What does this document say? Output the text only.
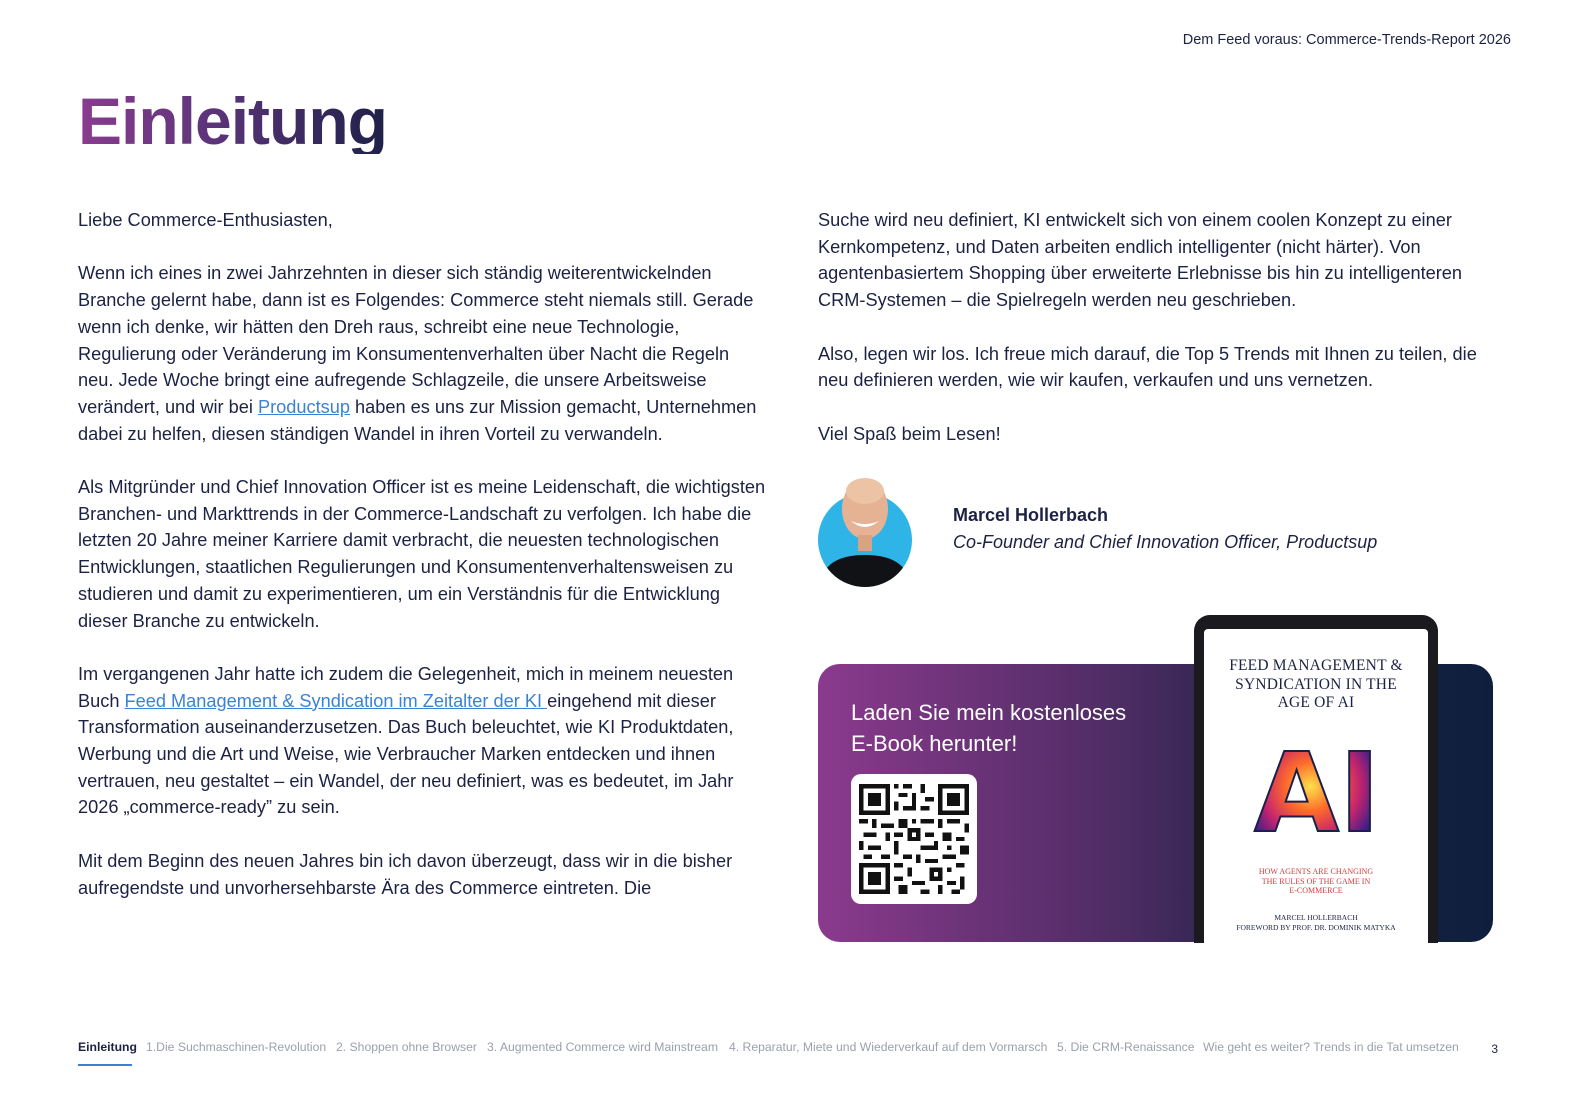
Dem Feed voraus: Commerce-Trends-Report 2026
Einleitung

Liebe Commerce-Enthusiasten,

Wenn ich eines in zwei Jahrzehnten in dieser sich ständig weiterentwickelnden Branche gelernt habe, dann ist es Folgendes: Commerce steht niemals still. Gerade wenn ich denke, wir hätten den Dreh raus, schreibt eine neue Technologie, Regulierung oder Veränderung im Konsumentenverhalten über Nacht die Regeln neu. Jede Woche bringt eine aufregende Schlagzeile, die unsere Arbeitsweise verändert, und wir bei Productsup haben es uns zur Mission gemacht, Unternehmen dabei zu helfen, diesen ständigen Wandel in ihren Vorteil zu verwandeln.

Als Mitgründer und Chief Innovation Officer ist es meine Leidenschaft, die wichtigsten Branchen- und Markttrends in der Commerce-Landschaft zu verfolgen. Ich habe die letzten 20 Jahre meiner Karriere damit verbracht, die neuesten technologischen Entwicklungen, staatlichen Regulierungen und Konsumentenverhaltensweisen zu studieren und damit zu experimentieren, um ein Verständnis für die Entwicklung dieser Branche zu entwickeln.

Im vergangenen Jahr hatte ich zudem die Gelegenheit, mich in meinem neuesten Buch Feed Management & Syndication im Zeitalter der KI eingehend mit dieser Transformation auseinanderzusetzen. Das Buch beleuchtet, wie KI Produktdaten, Werbung und die Art und Weise, wie Verbraucher Marken entdecken und ihnen vertrauen, neu gestaltet – ein Wandel, der neu definiert, was es bedeutet, im Jahr 2026 „commerce-ready” zu sein.

Mit dem Beginn des neuen Jahres bin ich davon überzeugt, dass wir in die bisher aufregendste und unvorhersehbarste Ära des Commerce eintreten. Die

Suche wird neu definiert, KI entwickelt sich von einem coolen Konzept zu einer Kernkompetenz, und Daten arbeiten endlich intelligenter (nicht härter). Von agentenbasiertem Shopping über erweiterte Erlebnisse bis hin zu intelligenteren CRM-Systemen – die Spielregeln werden neu geschrieben.

Also, legen wir los. Ich freue mich darauf, die Top 5 Trends mit Ihnen zu teilen, die neu definieren werden, wie wir kaufen, verkaufen und uns vernetzen.

Viel Spaß beim Lesen!

Marcel Hollerbach
Co-Founder and Chief Innovation Officer, Productsup
Laden Sie mein kostenloses
E-Book herunter!
FEED MANAGEMENT &
SYNDICATION IN THE
AGE OF AI
AI
HOW AGENTS ARE CHANGING
THE RULES OF THE GAME IN
E-COMMERCE
MARCEL HOLLERBACH
FOREWORD BY PROF. DR. DOMINIK MATYKA
Einleitung 1.Die Suchmaschinen-Revolution 2. Shoppen ohne Browser 3. Augmented Commerce wird Mainstream 4. Reparatur, Miete und Wiederverkauf auf dem Vormarsch 5. Die CRM-Renaissance Wie geht es weiter? Trends in die Tat umsetzen	3
